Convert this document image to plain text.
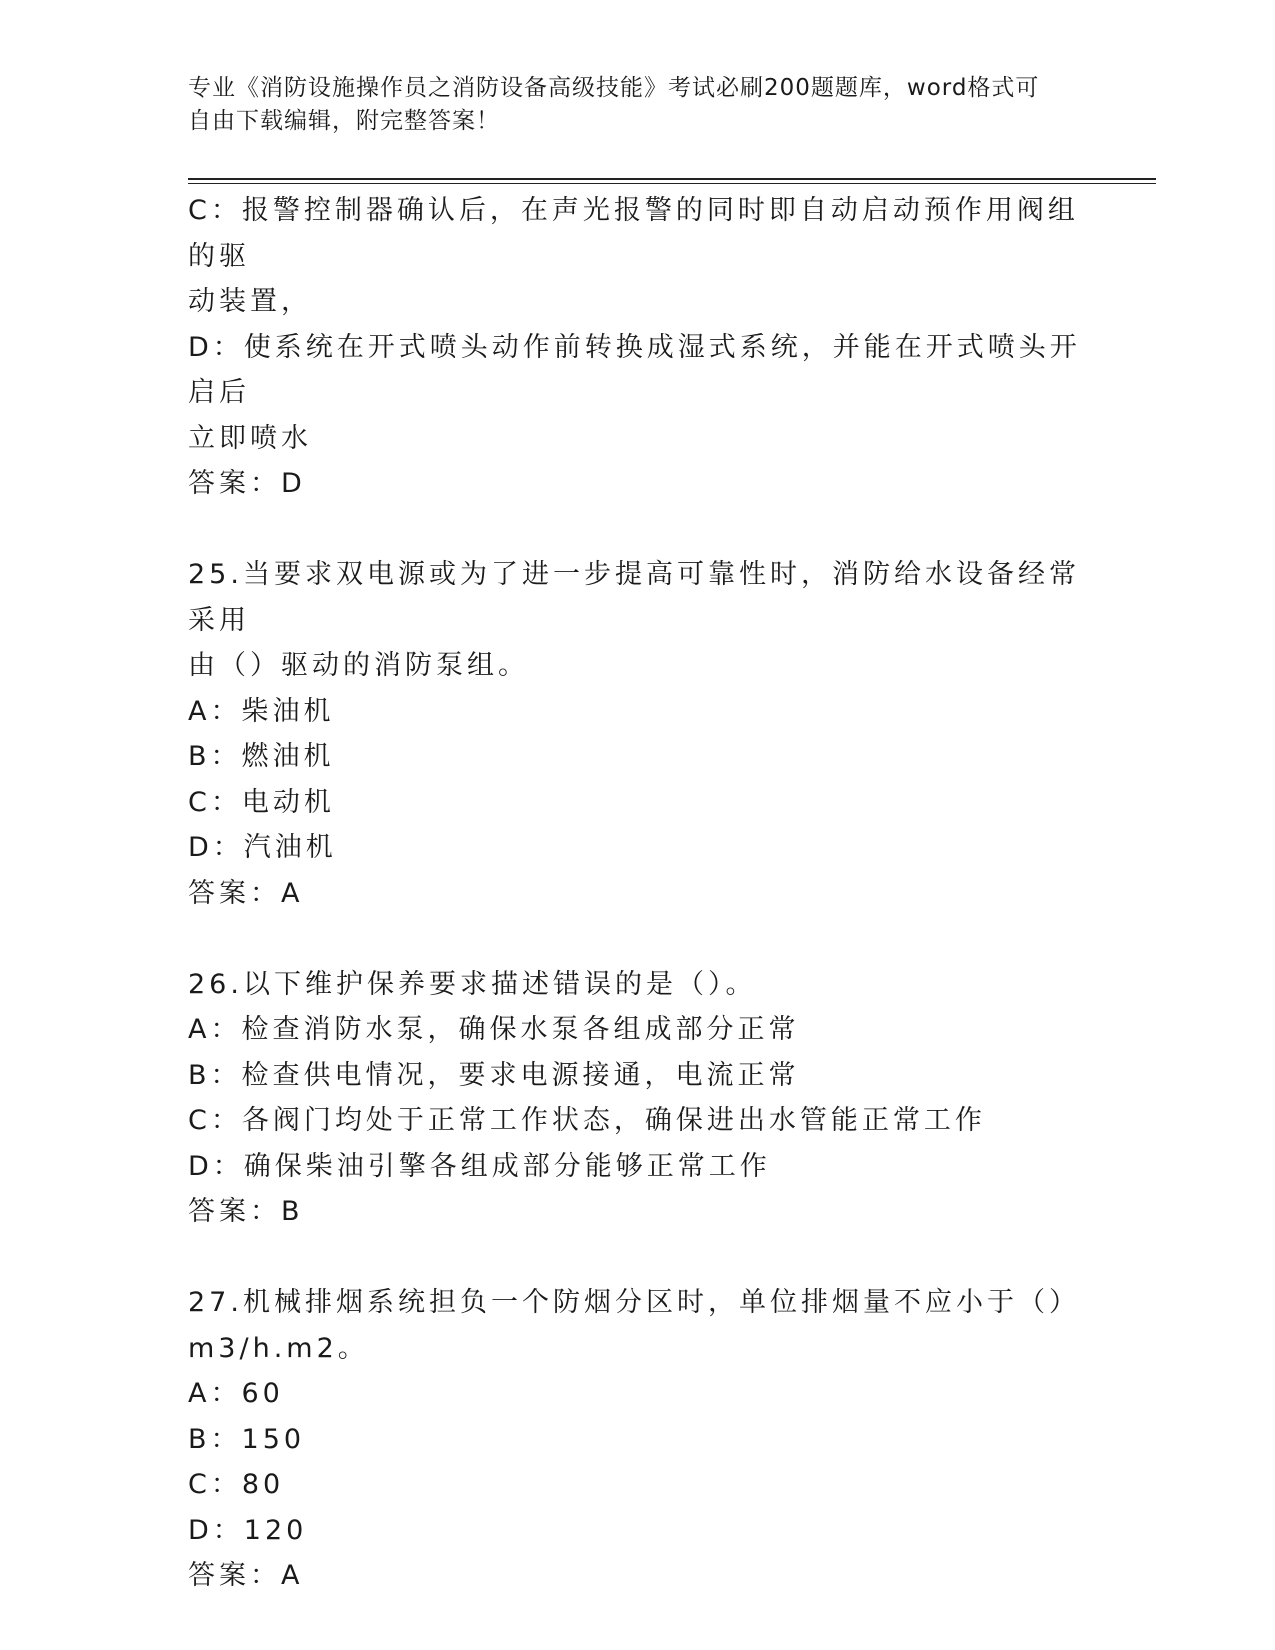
专业《消防设施操作员之消防设备高级技能》考试必刷200题题库，word格式可
自由下载编辑，附完整答案！
C：报警控制器确认后，在声光报警的同时即自动启动预作用阀组的驱
动装置，
D：使系统在开式喷头动作前转换成湿式系统，并能在开式喷头开启后
立即喷水
答案：D
25.当要求双电源或为了进一步提高可靠性时，消防给水设备经常采用
由（）驱动的消防泵组。
A：柴油机
B：燃油机
C：电动机
D：汽油机
答案：A
26.以下维护保养要求描述错误的是（）。
A：检查消防水泵，确保水泵各组成部分正常
B：检查供电情况，要求电源接通，电流正常
C：各阀门均处于正常工作状态，确保进出水管能正常工作
D：确保柴油引擎各组成部分能够正常工作
答案：B
27.机械排烟系统担负一个防烟分区时，单位排烟量不应小于（）
m3/h.m2。
A：60
B：150
C：80
D：120
答案：A
